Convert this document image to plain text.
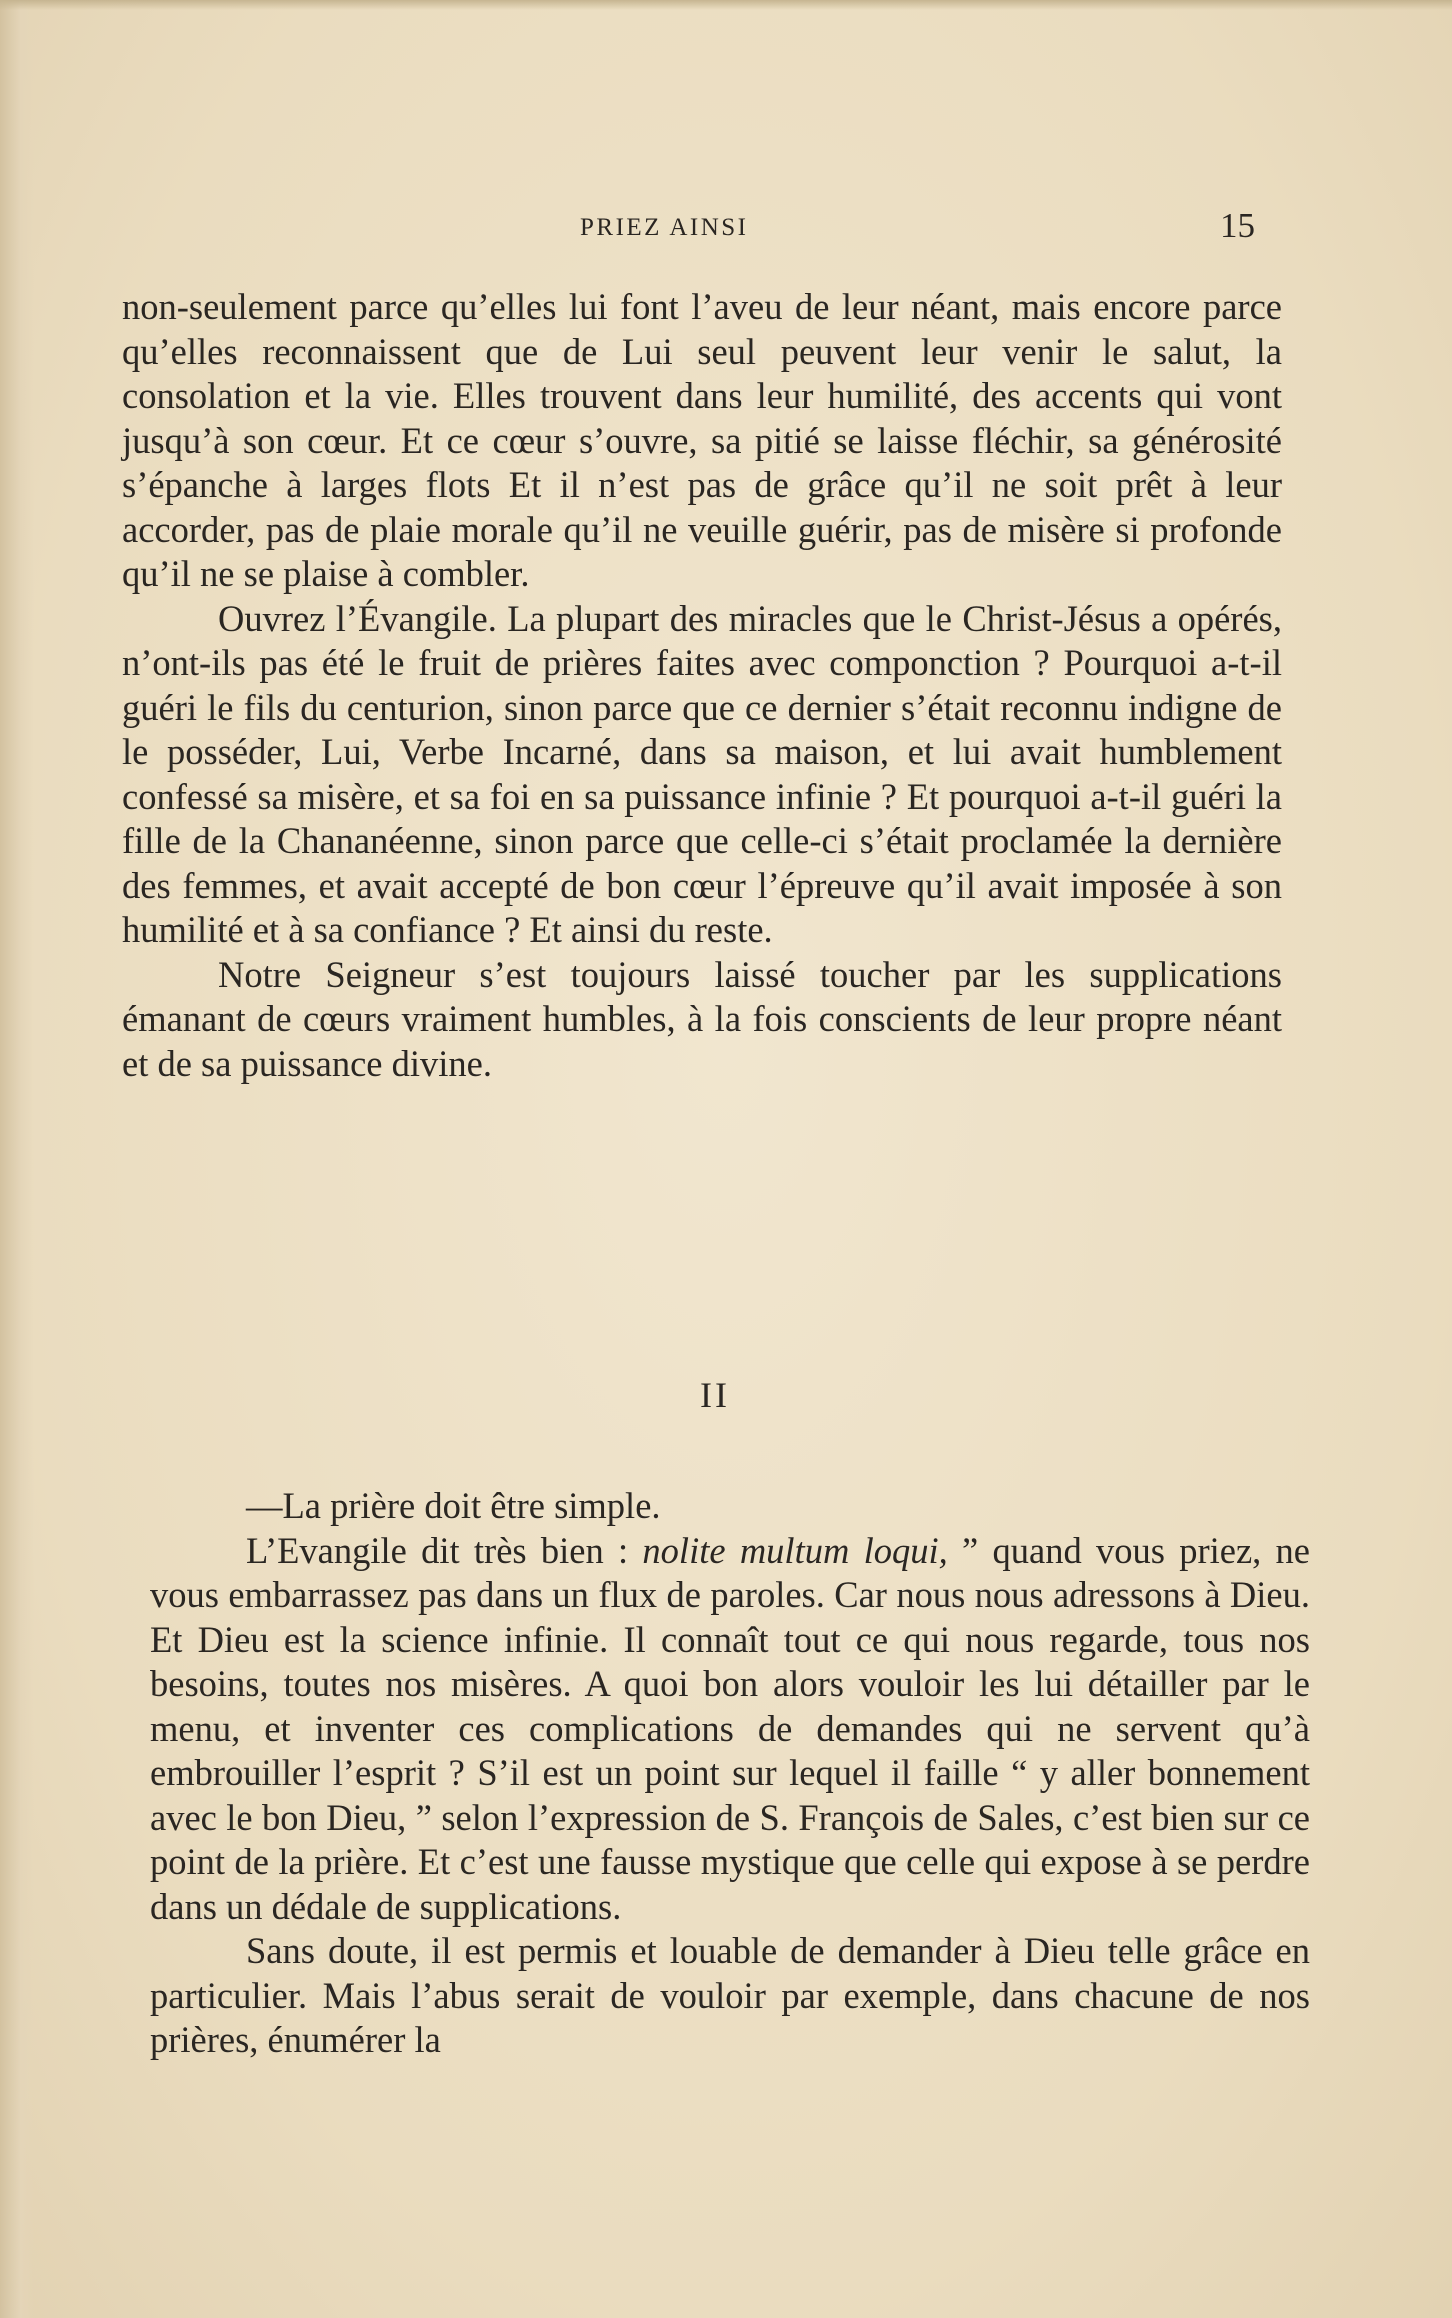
PRIEZ AINSI	15

non-seulement parce qu’elles lui font l’aveu de leur néant, mais encore parce qu’elles reconnaissent que de Lui seul peuvent leur venir le salut, la consolation et la vie. Elles trouvent dans leur humilité, des accents qui vont jusqu’à son cœur. Et ce cœur s’ouvre, sa pitié se laisse fléchir, sa générosité s’épanche à larges flots Et il n’est pas de grâce qu’il ne soit prêt à leur accorder, pas de plaie morale qu’il ne veuille guérir, pas de misère si profonde qu’il ne se plaise à combler.

Ouvrez l’Évangile. La plupart des miracles que le Christ-Jésus a opérés, n’ont-ils pas été le fruit de prières faites avec componction ? Pourquoi a-t-il guéri le fils du centurion, sinon parce que ce dernier s’était reconnu indigne de le posséder, Lui, Verbe Incarné, dans sa maison, et lui avait humblement confessé sa misère, et sa foi en sa puissance infinie ? Et pourquoi a-t-il guéri la fille de la Chananéenne, sinon parce que celle-ci s’était proclamée la dernière des femmes, et avait accepté de bon cœur l’épreuve qu’il avait imposée à son humilité et à sa confiance ? Et ainsi du reste.

Notre Seigneur s’est toujours laissé toucher par les supplications émanant de cœurs vraiment humbles, à la fois conscients de leur propre néant et de sa puissance divine.

II

—La prière doit être simple.

L’Evangile dit très bien : nolite multum loqui, ” quand vous priez, ne vous embarrassez pas dans un flux de paroles. Car nous nous adressons à Dieu. Et Dieu est la science infinie. Il connaît tout ce qui nous regarde, tous nos besoins, toutes nos misères. A quoi bon alors vouloir les lui détailler par le menu, et inventer ces complications de demandes qui ne servent qu’à embrouiller l’esprit ? S’il est un point sur lequel il faille “ y aller bonnement avec le bon Dieu, ” selon l’expression de S. François de Sales, c’est bien sur ce point de la prière. Et c’est une fausse mystique que celle qui expose à se perdre dans un dédale de supplications.

Sans doute, il est permis et louable de demander à Dieu telle grâce en particulier. Mais l’abus serait de vouloir par exemple, dans chacune de nos prières, énumérer la
